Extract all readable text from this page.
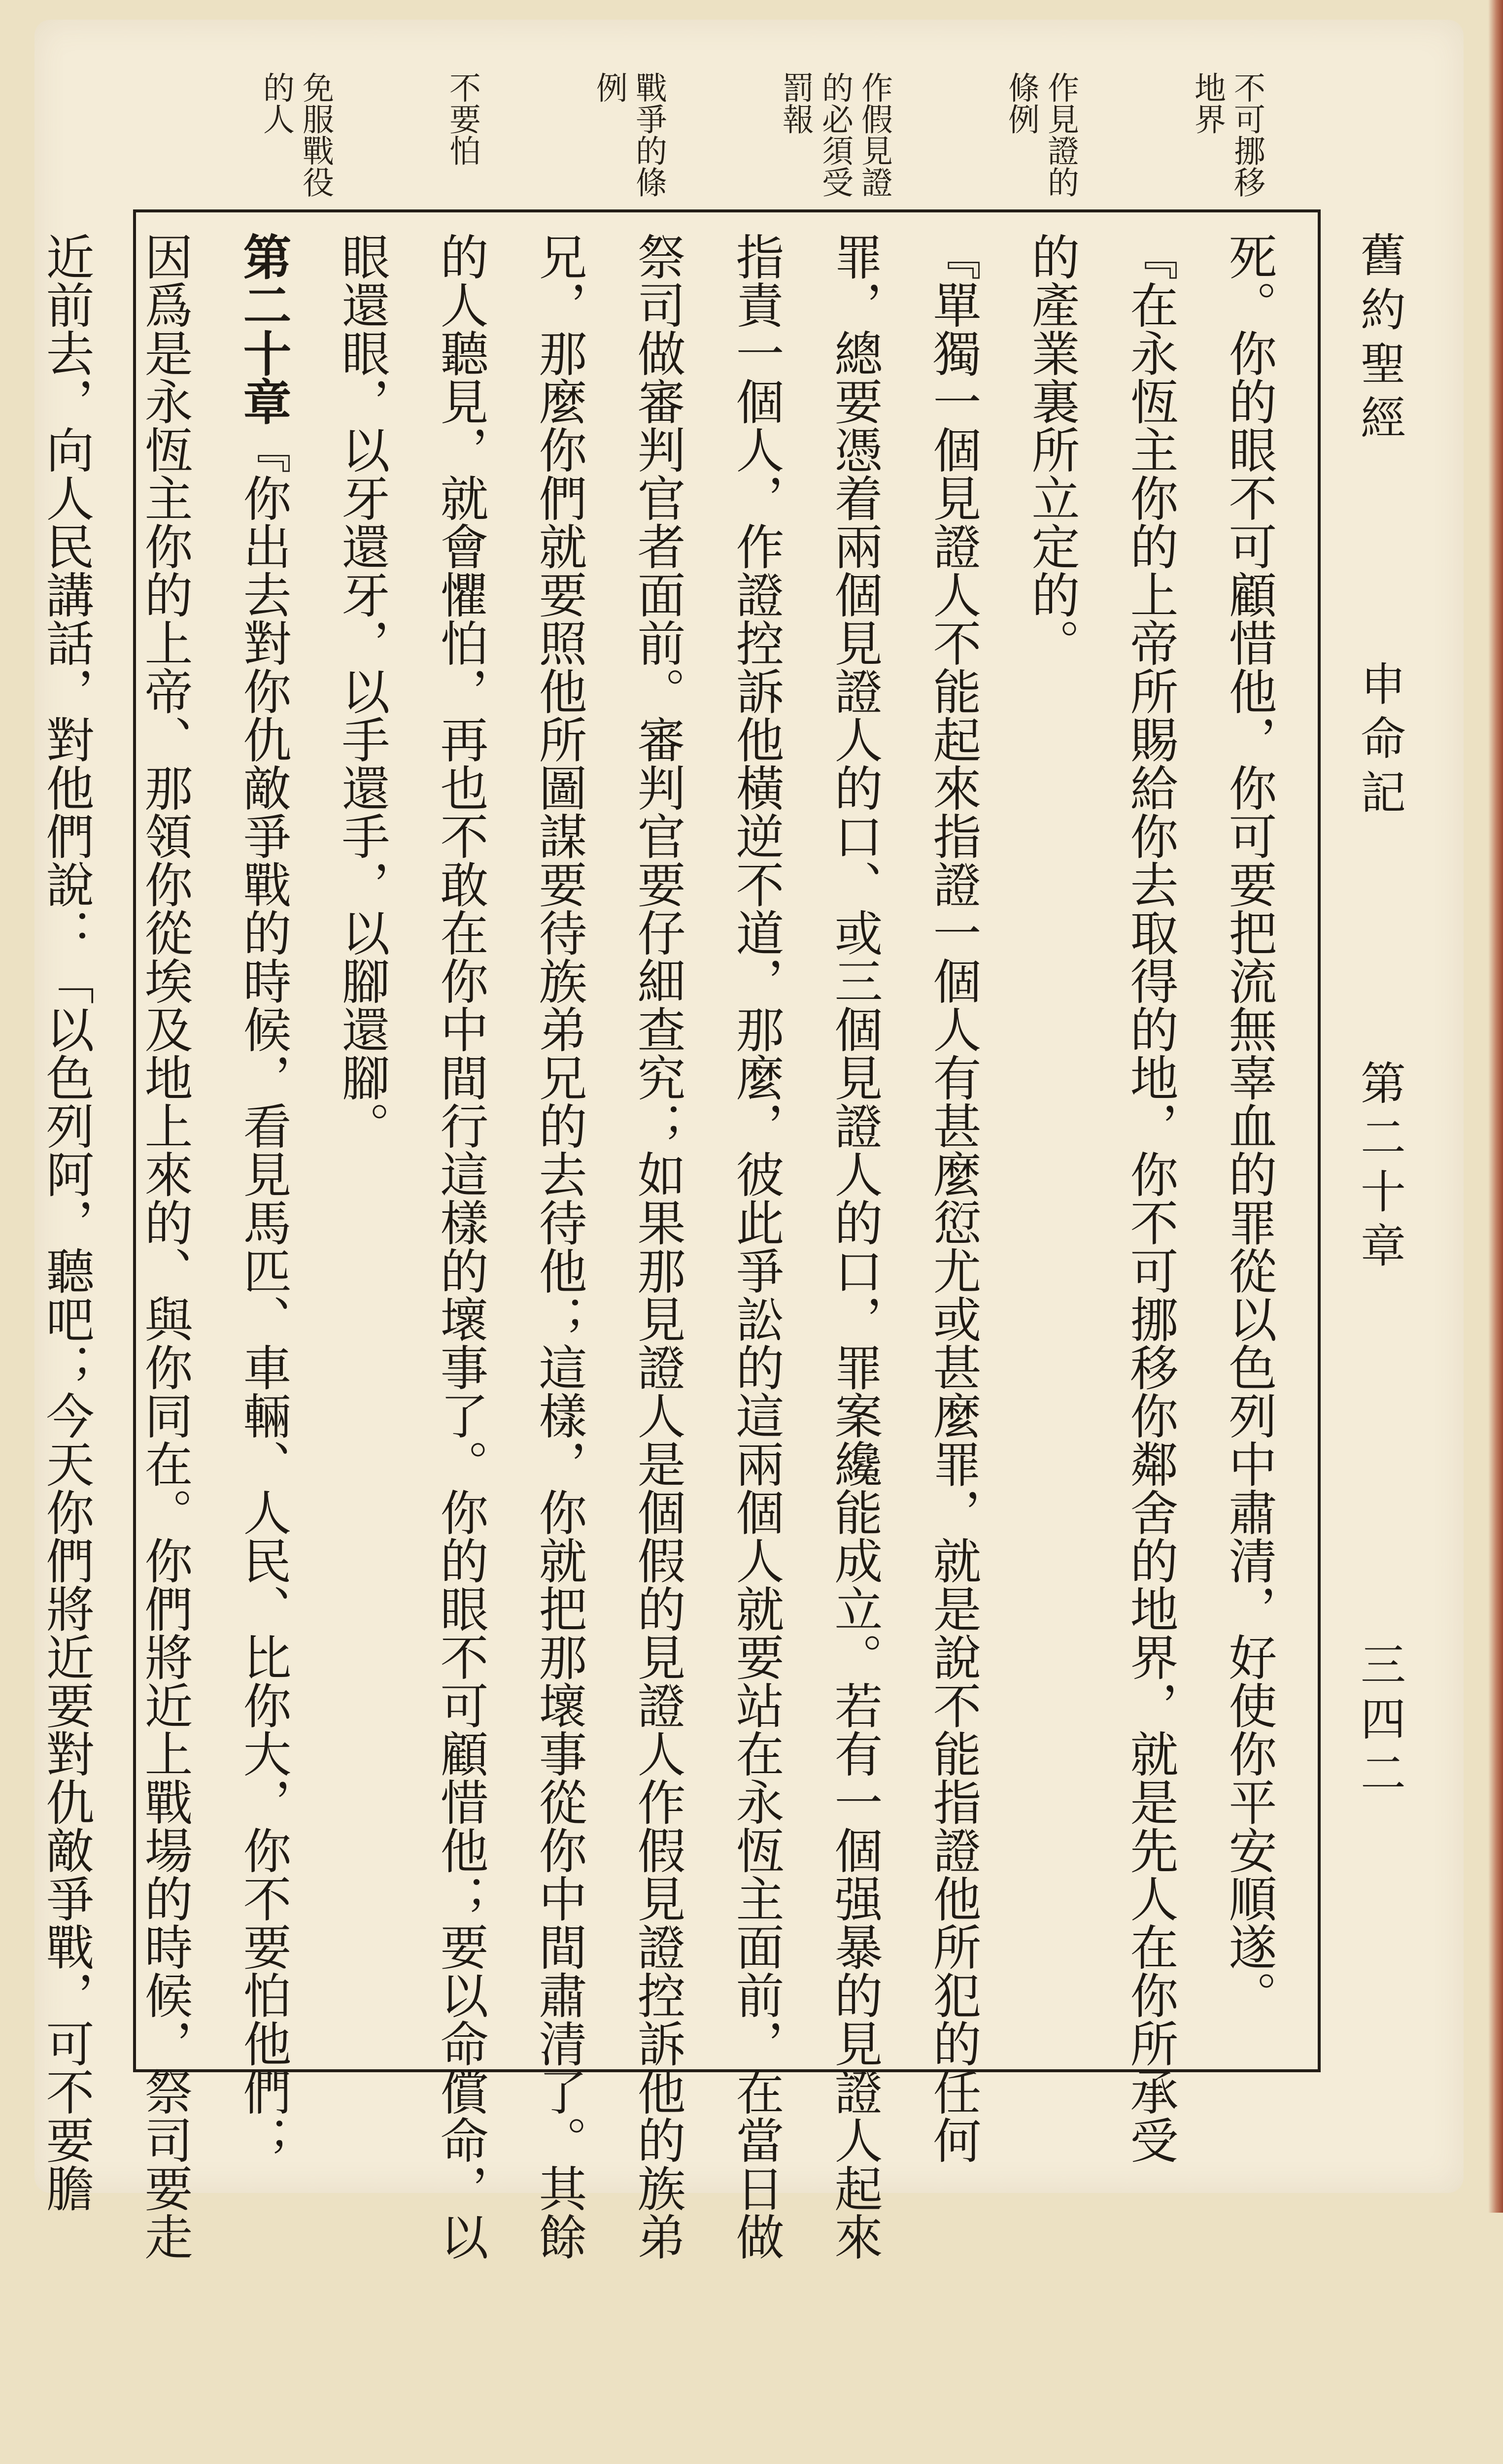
舊約聖經
申命記
第二十章
三四二
不可挪移
地界
作見證的
條例
作假見證
的必須受
罰報
戰爭的條
例
不要怕
免服戰役
的人
死。你的眼不可顧惜他，你可要把流無辜血的罪從以色列中肅清，好使你平安順遂。
『在永恆主你的上帝所賜給你去取得的地，你不可挪移你鄰舍的地界，就是先人在你所承受
的產業裏所立定的。
『單獨一個見證人不能起來指證一個人有甚麼愆尤或甚麼罪，就是說不能指證他所犯的任何
罪，總要憑着兩個見證人的口、或三個見證人的口，罪案纔能成立。若有一個强暴的見證人起來
指責一個人，作證控訴他橫逆不道，那麼，彼此爭訟的這兩個人就要站在永恆主面前，在當日做
祭司做審判官者面前。審判官要仔細查究；如果那見證人是個假的見證人作假見證控訴他的族弟
兄，那麼你們就要照他所圖謀要待族弟兄的去待他；這樣，你就把那壞事從你中間肅清了。其餘
的人聽見，就會懼怕，再也不敢在你中間行這樣的壞事了。你的眼不可顧惜他；要以命償命，以
眼還眼，以牙還牙，以手還手，以腳還腳。
第二十章『你出去對你仇敵爭戰的時候，看見馬匹、車輛、人民、比你大，你不要怕他們；
因爲是永恆主你的上帝、那領你從埃及地上來的、與你同在。你們將近上戰場的時候，祭司要走
近前去，向人民講話，對他們說：「以色列阿，聽吧；今天你們將近要對仇敵爭戰，可不要膽
